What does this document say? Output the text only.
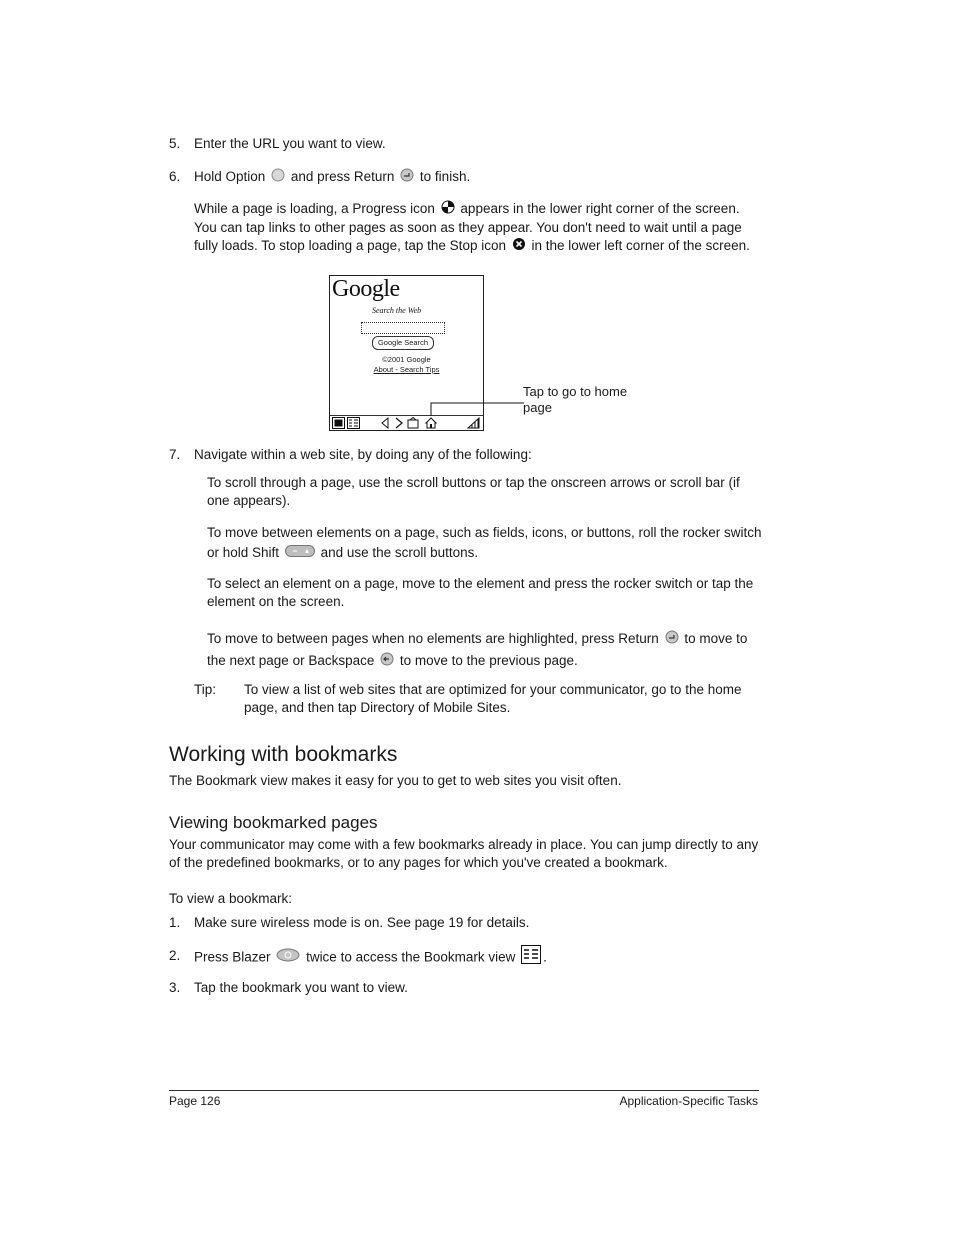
5. Enter the URL you want to view.
6. Hold Option and press Return to finish.
While a page is loading, a Progress icon appears in the lower right corner of the screen. You can tap links to other pages as soon as they appear. You don't need to wait until a page fully loads. To stop loading a page, tap the Stop icon in the lower left corner of the screen.
Google
Search the Web
Google Search
©2001 Google
About - Search Tips
Tap to go to home page
7. Navigate within a web site, by doing any of the following:
To scroll through a page, use the scroll buttons or tap the onscreen arrows or scroll bar (if one appears).
To move between elements on a page, such as fields, icons, or buttons, roll the rocker switch or hold Shift	and use the scroll buttons.
To select an element on a page, move to the element and press the rocker switch or tap the element on the screen.
To move to between pages when no elements are highlighted, press Return to move to the next page or Backspace to move to the previous page.
Tip: To view a list of web sites that are optimized for your communicator, go to the home page, and then tap Directory of Mobile Sites.
Working with bookmarks
The Bookmark view makes it easy for you to get to web sites you visit often.
Viewing bookmarked pages
Your communicator may come with a few bookmarks already in place. You can jump directly to any of the predefined bookmarks, or to any pages for which you've created a bookmark.
To view a bookmark:
1. Make sure wireless mode is on. See page 19 for details.
2. Press Blazer	twice to access the Bookmark view .
3. Tap the bookmark you want to view.
Page 126	Application-Specific Tasks
